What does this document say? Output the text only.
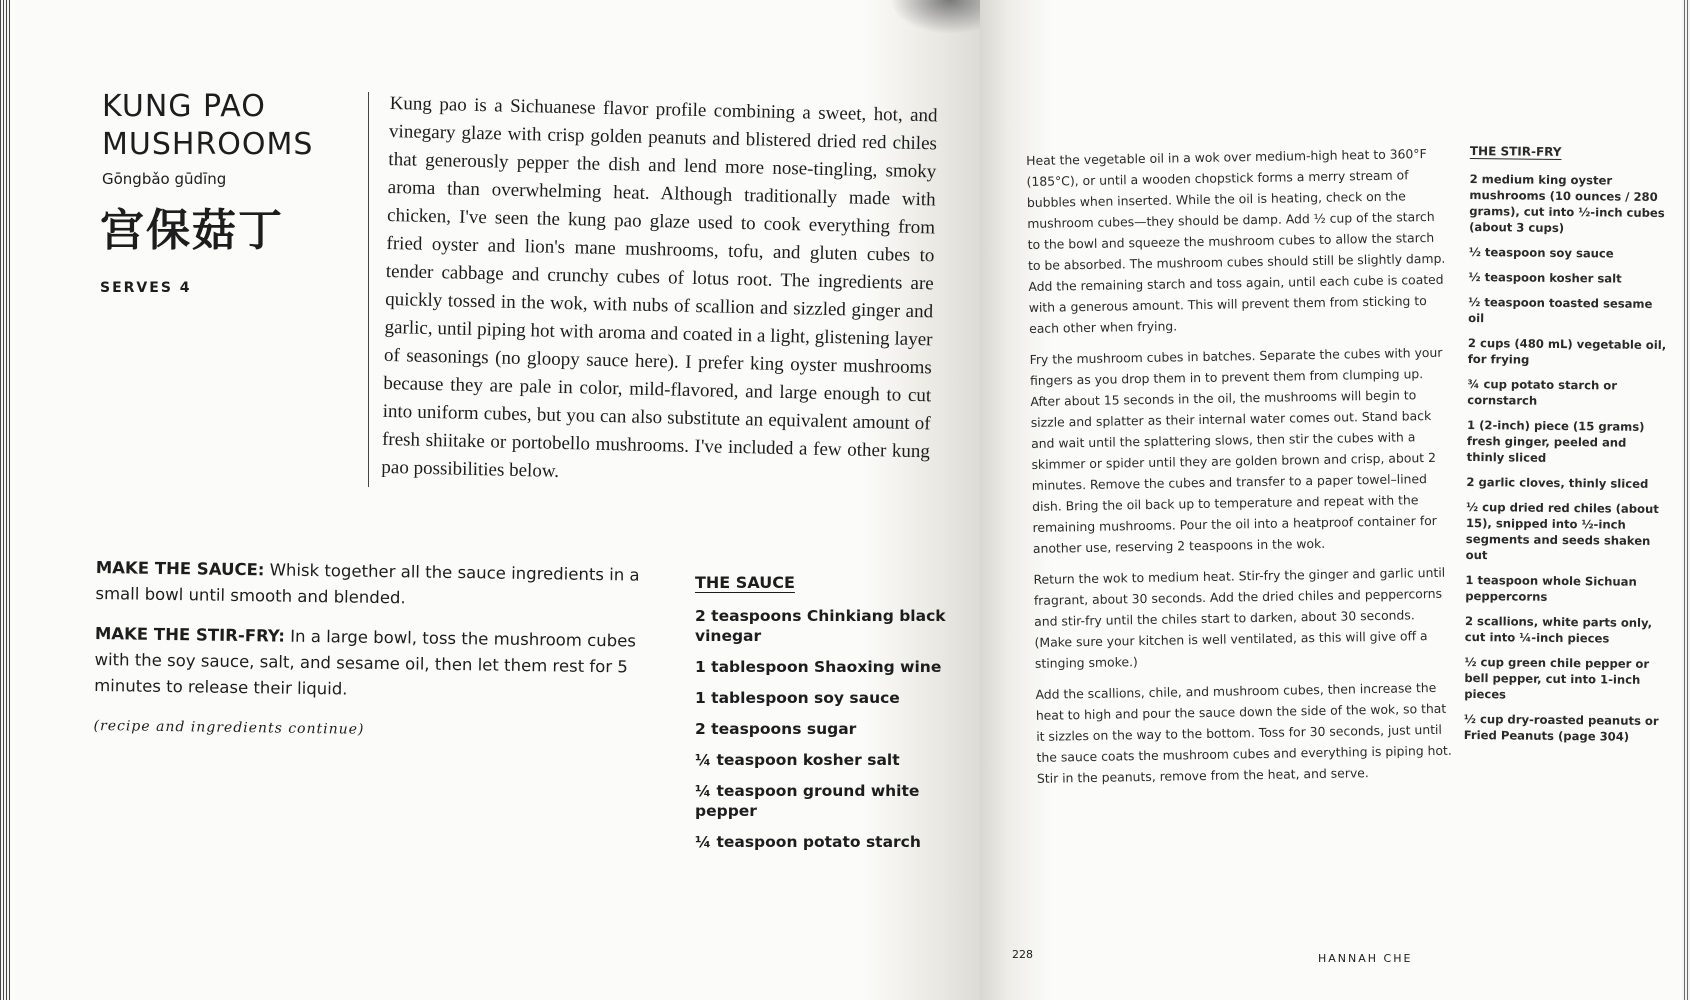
KUNG PAO
MUSHROOMS
Gōngbǎo gūdīng
宫保菇丁
SERVES 4

Kung pao is a Sichuanese flavor profile combining a sweet, hot, and vinegary glaze with crisp golden peanuts and blistered dried red chiles that generously pepper the dish and lend more nose-tingling, smoky aroma than overwhelming heat. Although traditionally made with chicken, I've seen the kung pao glaze used to cook everything from fried oyster and lion's mane mushrooms, tofu, and gluten cubes to tender cabbage and crunchy cubes of lotus root. The ingredients are quickly tossed in the wok, with nubs of scallion and sizzled ginger and garlic, until piping hot with aroma and coated in a light, glistening layer of seasonings (no gloopy sauce here). I prefer king oyster mushrooms because they are pale in color, mild-flavored, and large enough to cut into uniform cubes, but you can also substitute an equivalent amount of fresh shiitake or portobello mushrooms. I've included a few other kung pao possibilities below.

MAKE THE SAUCE: Whisk together all the sauce ingredients in a small bowl until smooth and blended.

MAKE THE STIR-FRY: In a large bowl, toss the mushroom cubes with the soy sauce, salt, and sesame oil, then let them rest for 5 minutes to release their liquid.

(recipe and ingredients continue)

THE SAUCE
2 teaspoons Chinkiang black vinegar
1 tablespoon Shaoxing wine
1 tablespoon soy sauce
2 teaspoons sugar
¼ teaspoon kosher salt
¼ teaspoon ground white pepper
¼ teaspoon potato starch

Heat the vegetable oil in a wok over medium-high heat to 360°F (185°C), or until a wooden chopstick forms a merry stream of bubbles when inserted. While the oil is heating, check on the mushroom cubes—they should be damp. Add ½ cup of the starch to the bowl and squeeze the mushroom cubes to allow the starch to be absorbed. The mushroom cubes should still be slightly damp. Add the remaining starch and toss again, until each cube is coated with a generous amount. This will prevent them from sticking to each other when frying.

Fry the mushroom cubes in batches. Separate the cubes with your fingers as you drop them in to prevent them from clumping up. After about 15 seconds in the oil, the mushrooms will begin to sizzle and splatter as their internal water comes out. Stand back and wait until the splattering slows, then stir the cubes with a skimmer or spider until they are golden brown and crisp, about 2 minutes. Remove the cubes and transfer to a paper towel–lined dish. Bring the oil back up to temperature and repeat with the remaining mushrooms. Pour the oil into a heatproof container for another use, reserving 2 teaspoons in the wok.

Return the wok to medium heat. Stir-fry the ginger and garlic until fragrant, about 30 seconds. Add the dried chiles and peppercorns and stir-fry until the chiles start to darken, about 30 seconds. (Make sure your kitchen is well ventilated, as this will give off a stinging smoke.)

Add the scallions, chile, and mushroom cubes, then increase the heat to high and pour the sauce down the side of the wok, so that it sizzles on the way to the bottom. Toss for 30 seconds, just until the sauce coats the mushroom cubes and everything is piping hot. Stir in the peanuts, remove from the heat, and serve.

THE STIR-FRY
2 medium king oyster mushrooms (10 ounces / 280 grams), cut into ½-inch cubes (about 3 cups)
½ teaspoon soy sauce
½ teaspoon kosher salt
½ teaspoon toasted sesame oil
2 cups (480 mL) vegetable oil, for frying
¾ cup potato starch or cornstarch
1 (2-inch) piece (15 grams) fresh ginger, peeled and thinly sliced
2 garlic cloves, thinly sliced
½ cup dried red chiles (about 15), snipped into ½-inch segments and seeds shaken out
1 teaspoon whole Sichuan peppercorns
2 scallions, white parts only, cut into ¼-inch pieces
½ cup green chile pepper or bell pepper, cut into 1-inch pieces
½ cup dry-roasted peanuts or Fried Peanuts (page 304)
228	HANNAH CHE
